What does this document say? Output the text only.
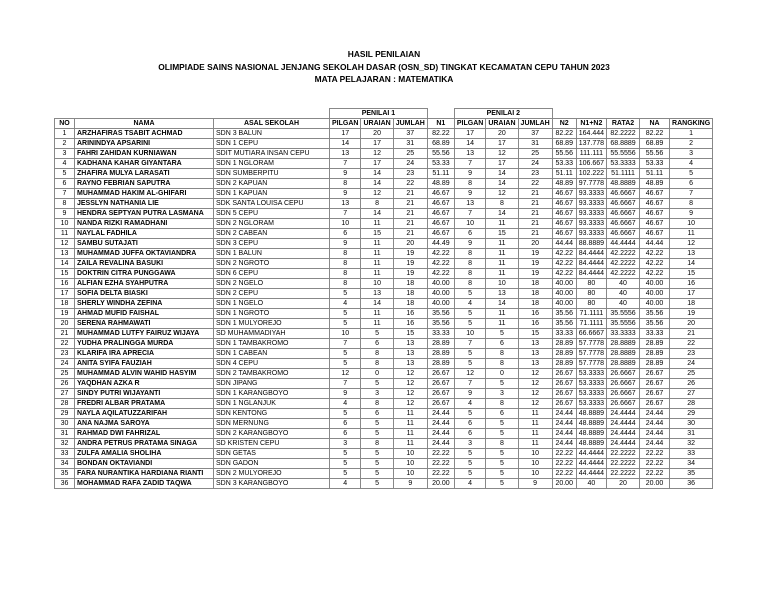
HASIL PENILAIAN
OLIMPIADE SAINS NASIONAL JENJANG SEKOLAH DASAR (OSN_SD) TINGKAT KECAMATAN CEPU TAHUN 2023
MATA PELAJARAN : MATEMATIKA
			PENILAI 1				PENILAI 2							
NO	NAMA	ASAL SEKOLAH	PILGAN	URAIAN	JUMLAH	N1	PILGAN	URAIAN	JUMLAH	N2	N1+N2	RATA2	NA	RANGKING
1	ARZHAFIRAS TSABIT ACHMAD	SDN 3 BALUN	17	20	37	82.22	17	20	37	82.22	164.444	82.2222	82.22	1
2	ARININDYA APSARINI	SDN 1 CEPU	14	17	31	68.89	14	17	31	68.89	137.778	68.8889	68.89	2
3	FAHRI ZAHIDAN KURNIAWAN	SDIT MUTIARA INSAN CEPU	13	12	25	55.56	13	12	25	55.56	111.111	55.5556	55.56	3
4	KADHANA KAHAR GIYANTARA	SDN 1 NGLORAM	7	17	24	53.33	7	17	24	53.33	106.667	53.3333	53.33	4
5	ZHAFIRA MULYA LARASATI	SDN SUMBERPITU	9	14	23	51.11	9	14	23	51.11	102.222	51.1111	51.11	5
6	RAYNO FEBRIAN SAPUTRA	SDN 2 KAPUAN	8	14	22	48.89	8	14	22	48.89	97.7778	48.8889	48.89	6
7	MUHAMMAD HAKIM AL-GHIFARI	SDN 1 KAPUAN	9	12	21	46.67	9	12	21	46.67	93.3333	46.6667	46.67	7
8	JESSLYN NATHANIA LIE	SDK SANTA LOUISA CEPU	13	8	21	46.67	13	8	21	46.67	93.3333	46.6667	46.67	8
9	HENDRA SEPTYAN PUTRA LASMANA	SDN 5 CEPU	7	14	21	46.67	7	14	21	46.67	93.3333	46.6667	46.67	9
10	NANDA RIZKI RAMADHANI	SDN 2 NGLORAM	10	11	21	46.67	10	11	21	46.67	93.3333	46.6667	46.67	10
11	NAYLAL FADHILA	SDN 2 CABEAN	6	15	21	46.67	6	15	21	46.67	93.3333	46.6667	46.67	11
12	SAMBU SUTAJATI	SDN 3 CEPU	9	11	20	44.49	9	11	20	44.44	88.8889	44.4444	44.44	12
13	MUHAMMAD JUFFA OKTAVIANDRA	SDN 1 BALUN	8	11	19	42.22	8	11	19	42.22	84.4444	42.2222	42.22	13
14	ZAILA REVALINA BASUKI	SDN 2 NGROTO	8	11	19	42.22	8	11	19	42.22	84.4444	42.2222	42.22	14
15	DOKTRIN CITRA PUNGGAWA	SDN 6 CEPU	8	11	19	42.22	8	11	19	42.22	84.4444	42.2222	42.22	15
16	ALFIAN EZHA SYAHPUTRA	SDN 2 NGELO	8	10	18	40.00	8	10	18	40.00	80	40	40.00	16
17	SOFIA DELTA BIASKI	SDN 2 CEPU	5	13	18	40.00	5	13	18	40.00	80	40	40.00	17
18	SHERLY WINDHA ZEFINA	SDN 1 NGELO	4	14	18	40.00	4	14	18	40.00	80	40	40.00	18
19	AHMAD MUFID FAISHAL	SDN 1 NGROTO	5	11	16	35.56	5	11	16	35.56	71.1111	35.5556	35.56	19
20	SERENA RAHMAWATI	SDN 1 MULYOREJO	5	11	16	35.56	5	11	16	35.56	71.1111	35.5556	35.56	20
21	MUHAMMAD LUTFY FAIRUZ WIJAYA	SD MUHAMMADIYAH	10	5	15	33.33	10	5	15	33.33	66.6667	33.3333	33.33	21
22	YUDHA PRALINGGA MURDA	SDN 1 TAMBAKROMO	7	6	13	28.89	7	6	13	28.89	57.7778	28.8889	28.89	22
23	KLARIFA IRA APRECIA	SDN 1 CABEAN	5	8	13	28.89	5	8	13	28.89	57.7778	28.8889	28.89	23
24	ANITA SYIFA FAUZIAH	SDN 4 CEPU	5	8	13	28.89	5	8	13	28.89	57.7778	28.8889	28.89	24
25	MUHAMMAD ALVIN WAHID HASYIM	SDN 2 TAMBAKROMO	12	0	12	26.67	12	0	12	26.67	53.3333	26.6667	26.67	25
26	YAQDHAN AZKA R	SDN JIPANG	7	5	12	26.67	7	5	12	26.67	53.3333	26.6667	26.67	26
27	SINDY PUTRI WIJAYANTI	SDN 1 KARANGBOYO	9	3	12	26.67	9	3	12	26.67	53.3333	26.6667	26.67	27
28	FREDRI ALBAR PRATAMA	SDN 1 NGLANJUK	4	8	12	26.67	4	8	12	26.67	53.3333	26.6667	26.67	28
29	NAYLA AQILATUZZARIFAH	SDN KENTONG	5	6	11	24.44	5	6	11	24.44	48.8889	24.4444	24.44	29
30	ANA NAJMA SAROYA	SDN MERNUNG	6	5	11	24.44	6	5	11	24.44	48.8889	24.4444	24.44	30
31	RAHMAD DWI FAHRIZAL	SDN 2 KARANGBOYO	6	5	11	24.44	6	5	11	24.44	48.8889	24.4444	24.44	31
32	ANDRA PETRUS PRATAMA SINAGA	SD KRISTEN CEPU	3	8	11	24.44	3	8	11	24.44	48.8889	24.4444	24.44	32
33	ZULFA AMALIA SHOLIHA	SDN GETAS	5	5	10	22.22	5	5	10	22.22	44.4444	22.2222	22.22	33
34	BONDAN OKTAVIANDI	SDN GADON	5	5	10	22.22	5	5	10	22.22	44.4444	22.2222	22.22	34
35	FARA NURANTIKA HARDIANA RIANTI	SDN 2 MULYOREJO	5	5	10	22.22	5	5	10	22.22	44.4444	22.2222	22.22	35
36	MOHAMMAD RAFA ZADID TAQWA	SDN 3 KARANGBOYO	4	5	9	20.00	4	5	9	20.00	40	20	20.00	36
